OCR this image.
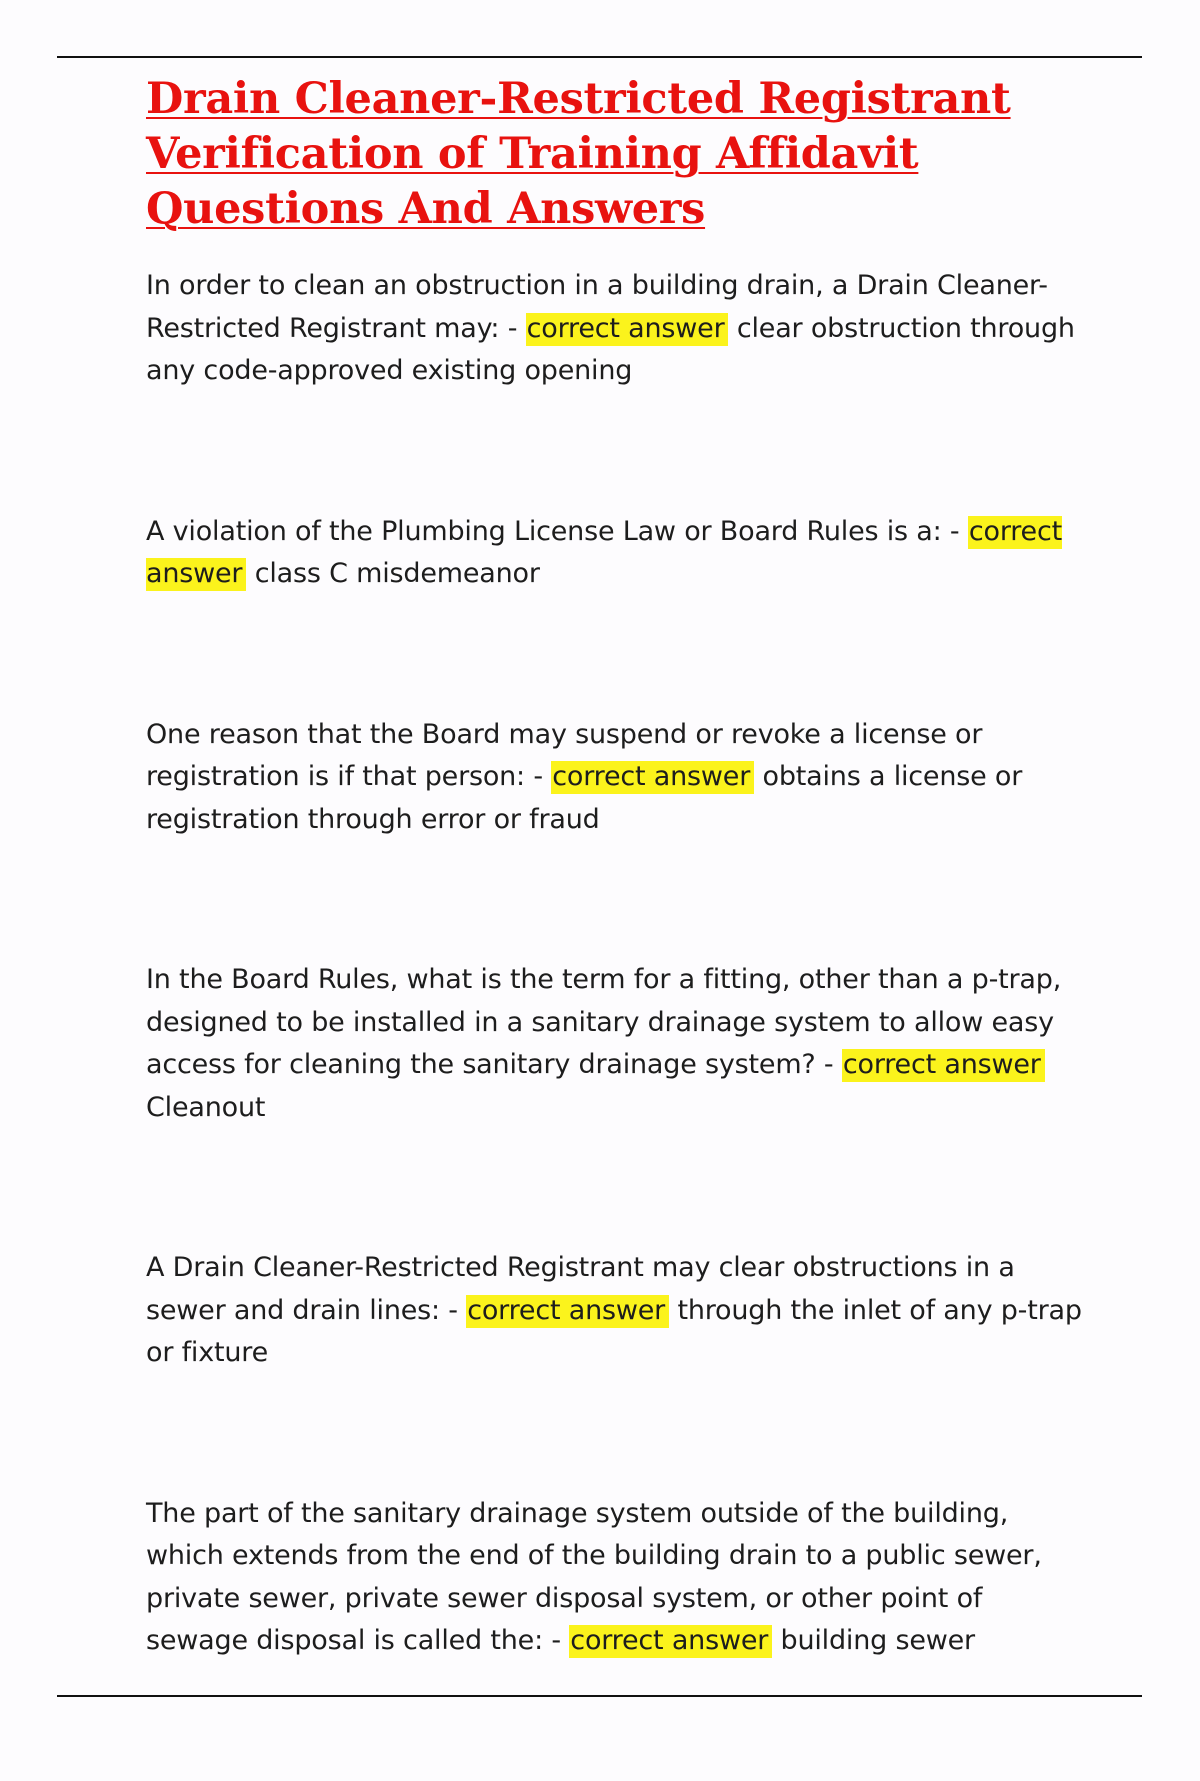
Drain Cleaner-Restricted Registrant Verification of Training Affidavit Questions And Answers

In order to clean an obstruction in a building drain, a Drain Cleaner-Restricted Registrant may: - correct answer clear obstruction through any code-approved existing opening

A violation of the Plumbing License Law or Board Rules is a: - correct answer class C misdemeanor

One reason that the Board may suspend or revoke a license or registration is if that person: - correct answer obtains a license or registration through error or fraud

In the Board Rules, what is the term for a fitting, other than a p-trap, designed to be installed in a sanitary drainage system to allow easy access for cleaning the sanitary drainage system? - correct answer Cleanout

A Drain Cleaner-Restricted Registrant may clear obstructions in a sewer and drain lines: - correct answer through the inlet of any p-trap or fixture

The part of the sanitary drainage system outside of the building, which extends from the end of the building drain to a public sewer, private sewer, private sewer disposal system, or other point of sewage disposal is called the: - correct answer building sewer
